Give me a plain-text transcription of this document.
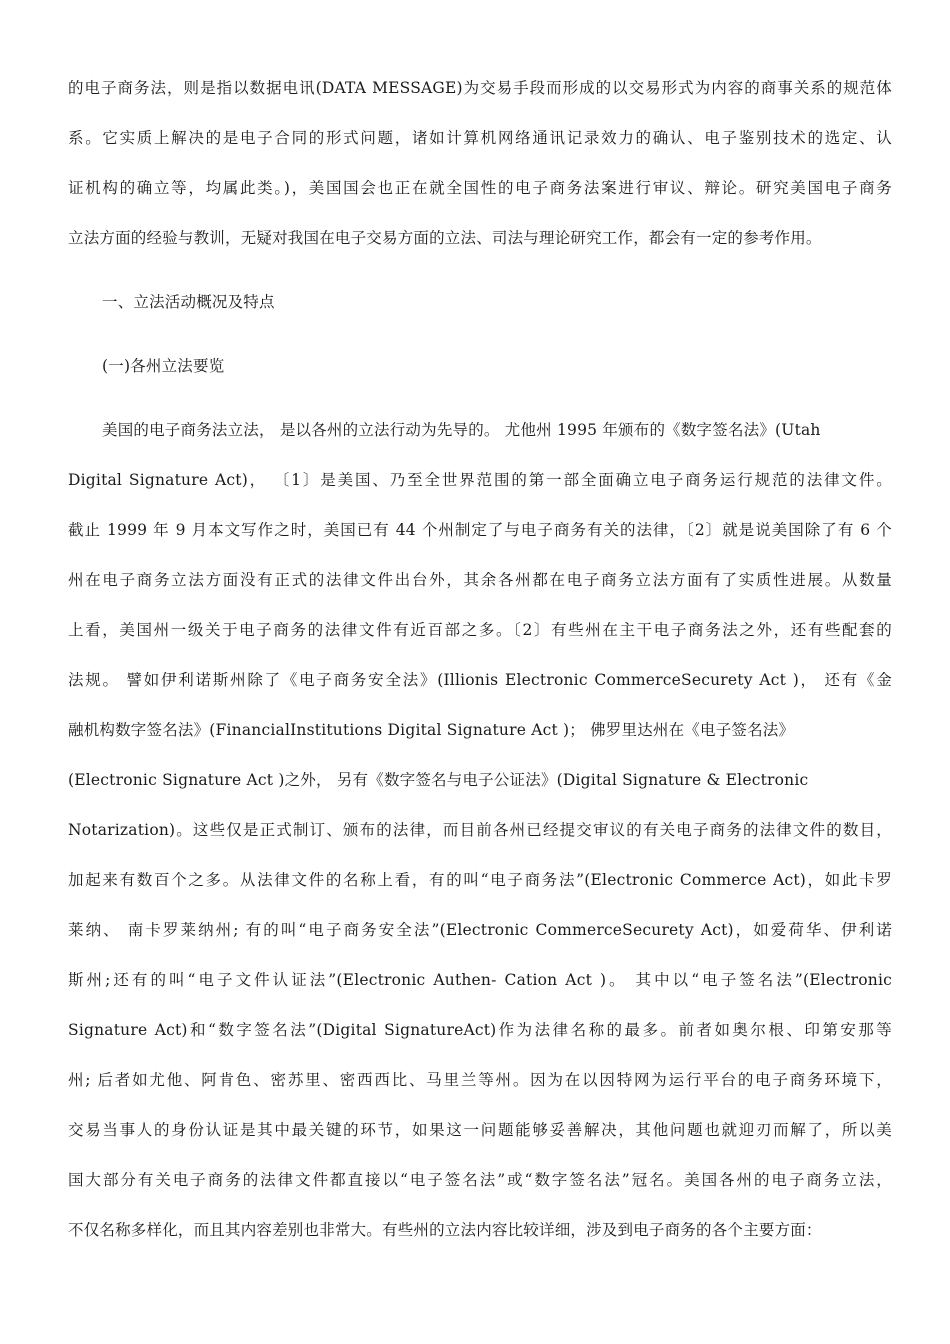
的电子商务法，则是指以数据电讯(DATA MESSAGE)为交易手段而形成的以交易形式为内容的商事关系的规范体
系。它实质上解决的是电子合同的形式问题，诸如计算机网络通讯记录效力的确认、电子鉴别技术的选定、认
证机构的确立等，均属此类。)，美国国会也正在就全国性的电子商务法案进行审议、辩论。研究美国电子商务
立法方面的经验与教训，无疑对我国在电子交易方面的立法、司法与理论研究工作，都会有一定的参考作用。
一、立法活动概况及特点
(一)各州立法要览
美国的电子商务法立法， 是以各州的立法行动为先导的。 尤他州 1995 年颁布的《数字签名法》(Utah
Digital Signature Act)， 〔1〕是美国、乃至全世界范围的第一部全面确立电子商务运行规范的法律文件。
截止 1999 年 9 月本文写作之时，美国已有 44 个州制定了与电子商务有关的法律，〔2〕就是说美国除了有 6 个
州在电子商务立法方面没有正式的法律文件出台外，其余各州都在电子商务立法方面有了实质性进展。从数量
上看，美国州一级关于电子商务的法律文件有近百部之多。〔2〕有些州在主干电子商务法之外，还有些配套的
法规。 譬如伊利诺斯州除了《电子商务安全法》(Illionis Electronic CommerceSecurety Act )， 还有《金
融机构数字签名法》(FinancialInstitutions Digital Signature Act )； 佛罗里达州在《电子签名法》
(Electronic Signature Act )之外， 另有《数字签名与电子公证法》(Digital Signature & Electronic
Notarization)。这些仅是正式制订、颁布的法律，而目前各州已经提交审议的有关电子商务的法律文件的数目，
加起来有数百个之多。从法律文件的名称上看，有的叫“电子商务法”(Electronic Commerce Act)，如此卡罗
莱纳、 南卡罗莱纳州; 有的叫“电子商务安全法”(Electronic CommerceSecurety Act)，如爱荷华、伊利诺
斯州;还有的叫“电子文件认证法”(Electronic Authen- Cation Act )。 其中以“电子签名法”(Electronic
Signature Act)和“数字签名法”(Digital SignatureAct)作为法律名称的最多。前者如奥尔根、印第安那等
州; 后者如尤他、阿肯色、密苏里、密西西比、马里兰等州。因为在以因特网为运行平台的电子商务环境下，
交易当事人的身份认证是其中最关键的环节，如果这一问题能够妥善解决，其他问题也就迎刃而解了，所以美
国大部分有关电子商务的法律文件都直接以“电子签名法”或“数字签名法”冠名。美国各州的电子商务立法，
不仅名称多样化，而且其内容差别也非常大。有些州的立法内容比较详细，涉及到电子商务的各个主要方面：
